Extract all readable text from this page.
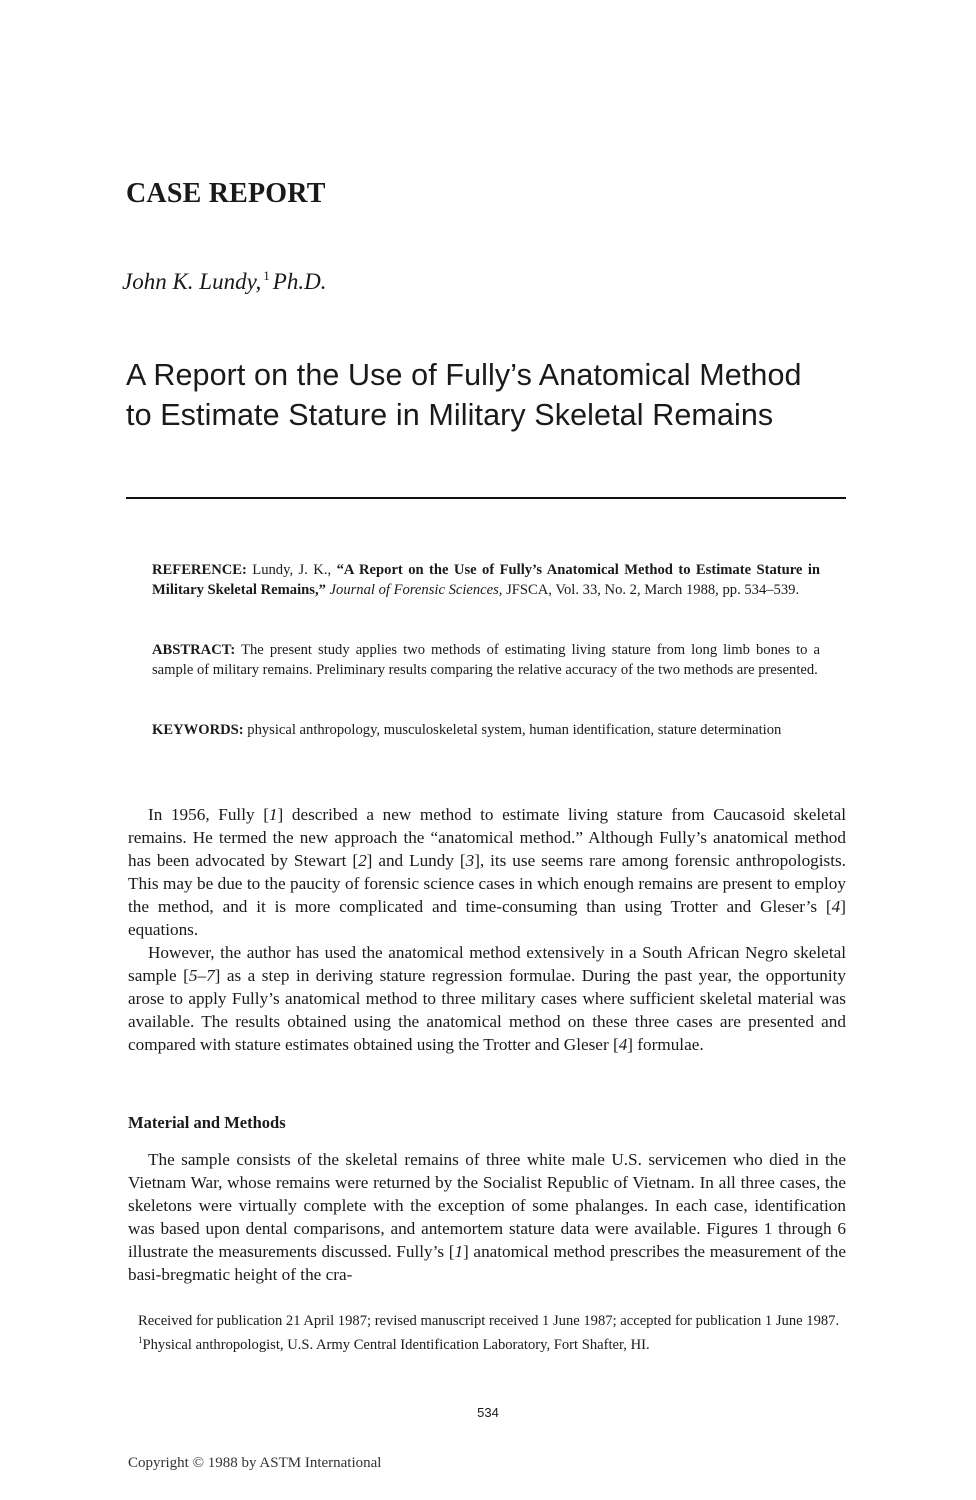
CASE REPORT
John K. Lundy, $^1$ Ph.D.
A Report on the Use of Fully’s Anatomical Method
to Estimate Stature in Military Skeletal Remains
REFERENCE: Lundy, J. K., “A Report on the Use of Fully’s Anatomical Method to Estimate Stature in Military Skeletal Remains,” Journal of Forensic Sciences, JFSCA, Vol. 33, No. 2, March 1988, pp. 534–539.
ABSTRACT: The present study applies two methods of estimating living stature from long limb bones to a sample of military remains. Preliminary results comparing the relative accuracy of the two methods are presented.
KEYWORDS: physical anthropology, musculoskeletal system, human identification, stature determination

In 1956, Fully [1] described a new method to estimate living stature from Caucasoid skeletal remains. He termed the new approach the “anatomical method.” Although Fully’s anatomical method has been advocated by Stewart [2] and Lundy [3], its use seems rare among forensic anthropologists. This may be due to the paucity of forensic science cases in which enough remains are present to employ the method, and it is more complicated and time-consuming than using Trotter and Gleser’s [4] equations.

However, the author has used the anatomical method extensively in a South African Negro skeletal sample [5–7] as a step in deriving stature regression formulae. During the past year, the opportunity arose to apply Fully’s anatomical method to three military cases where sufficient skeletal material was available. The results obtained using the anatomical method on these three cases are presented and compared with stature estimates obtained using the Trotter and Gleser [4] formulae.

Material and Methods

The sample consists of the skeletal remains of three white male U.S. servicemen who died in the Vietnam War, whose remains were returned by the Socialist Republic of Vietnam. In all three cases, the skeletons were virtually complete with the exception of some phalanges. In each case, identification was based upon dental comparisons, and antemortem stature data were available. Figures 1 through 6 illustrate the measurements discussed. Fully’s [1] anatomical method prescribes the measurement of the basi-bregmatic height of the cra-

Received for publication 21 April 1987; revised manuscript received 1 June 1987; accepted for publication 1 June 1987.

$^1$Physical anthropologist, U.S. Army Central Identification Laboratory, Fort Shafter, HI.

534
Copyright © 1988 by ASTM International
